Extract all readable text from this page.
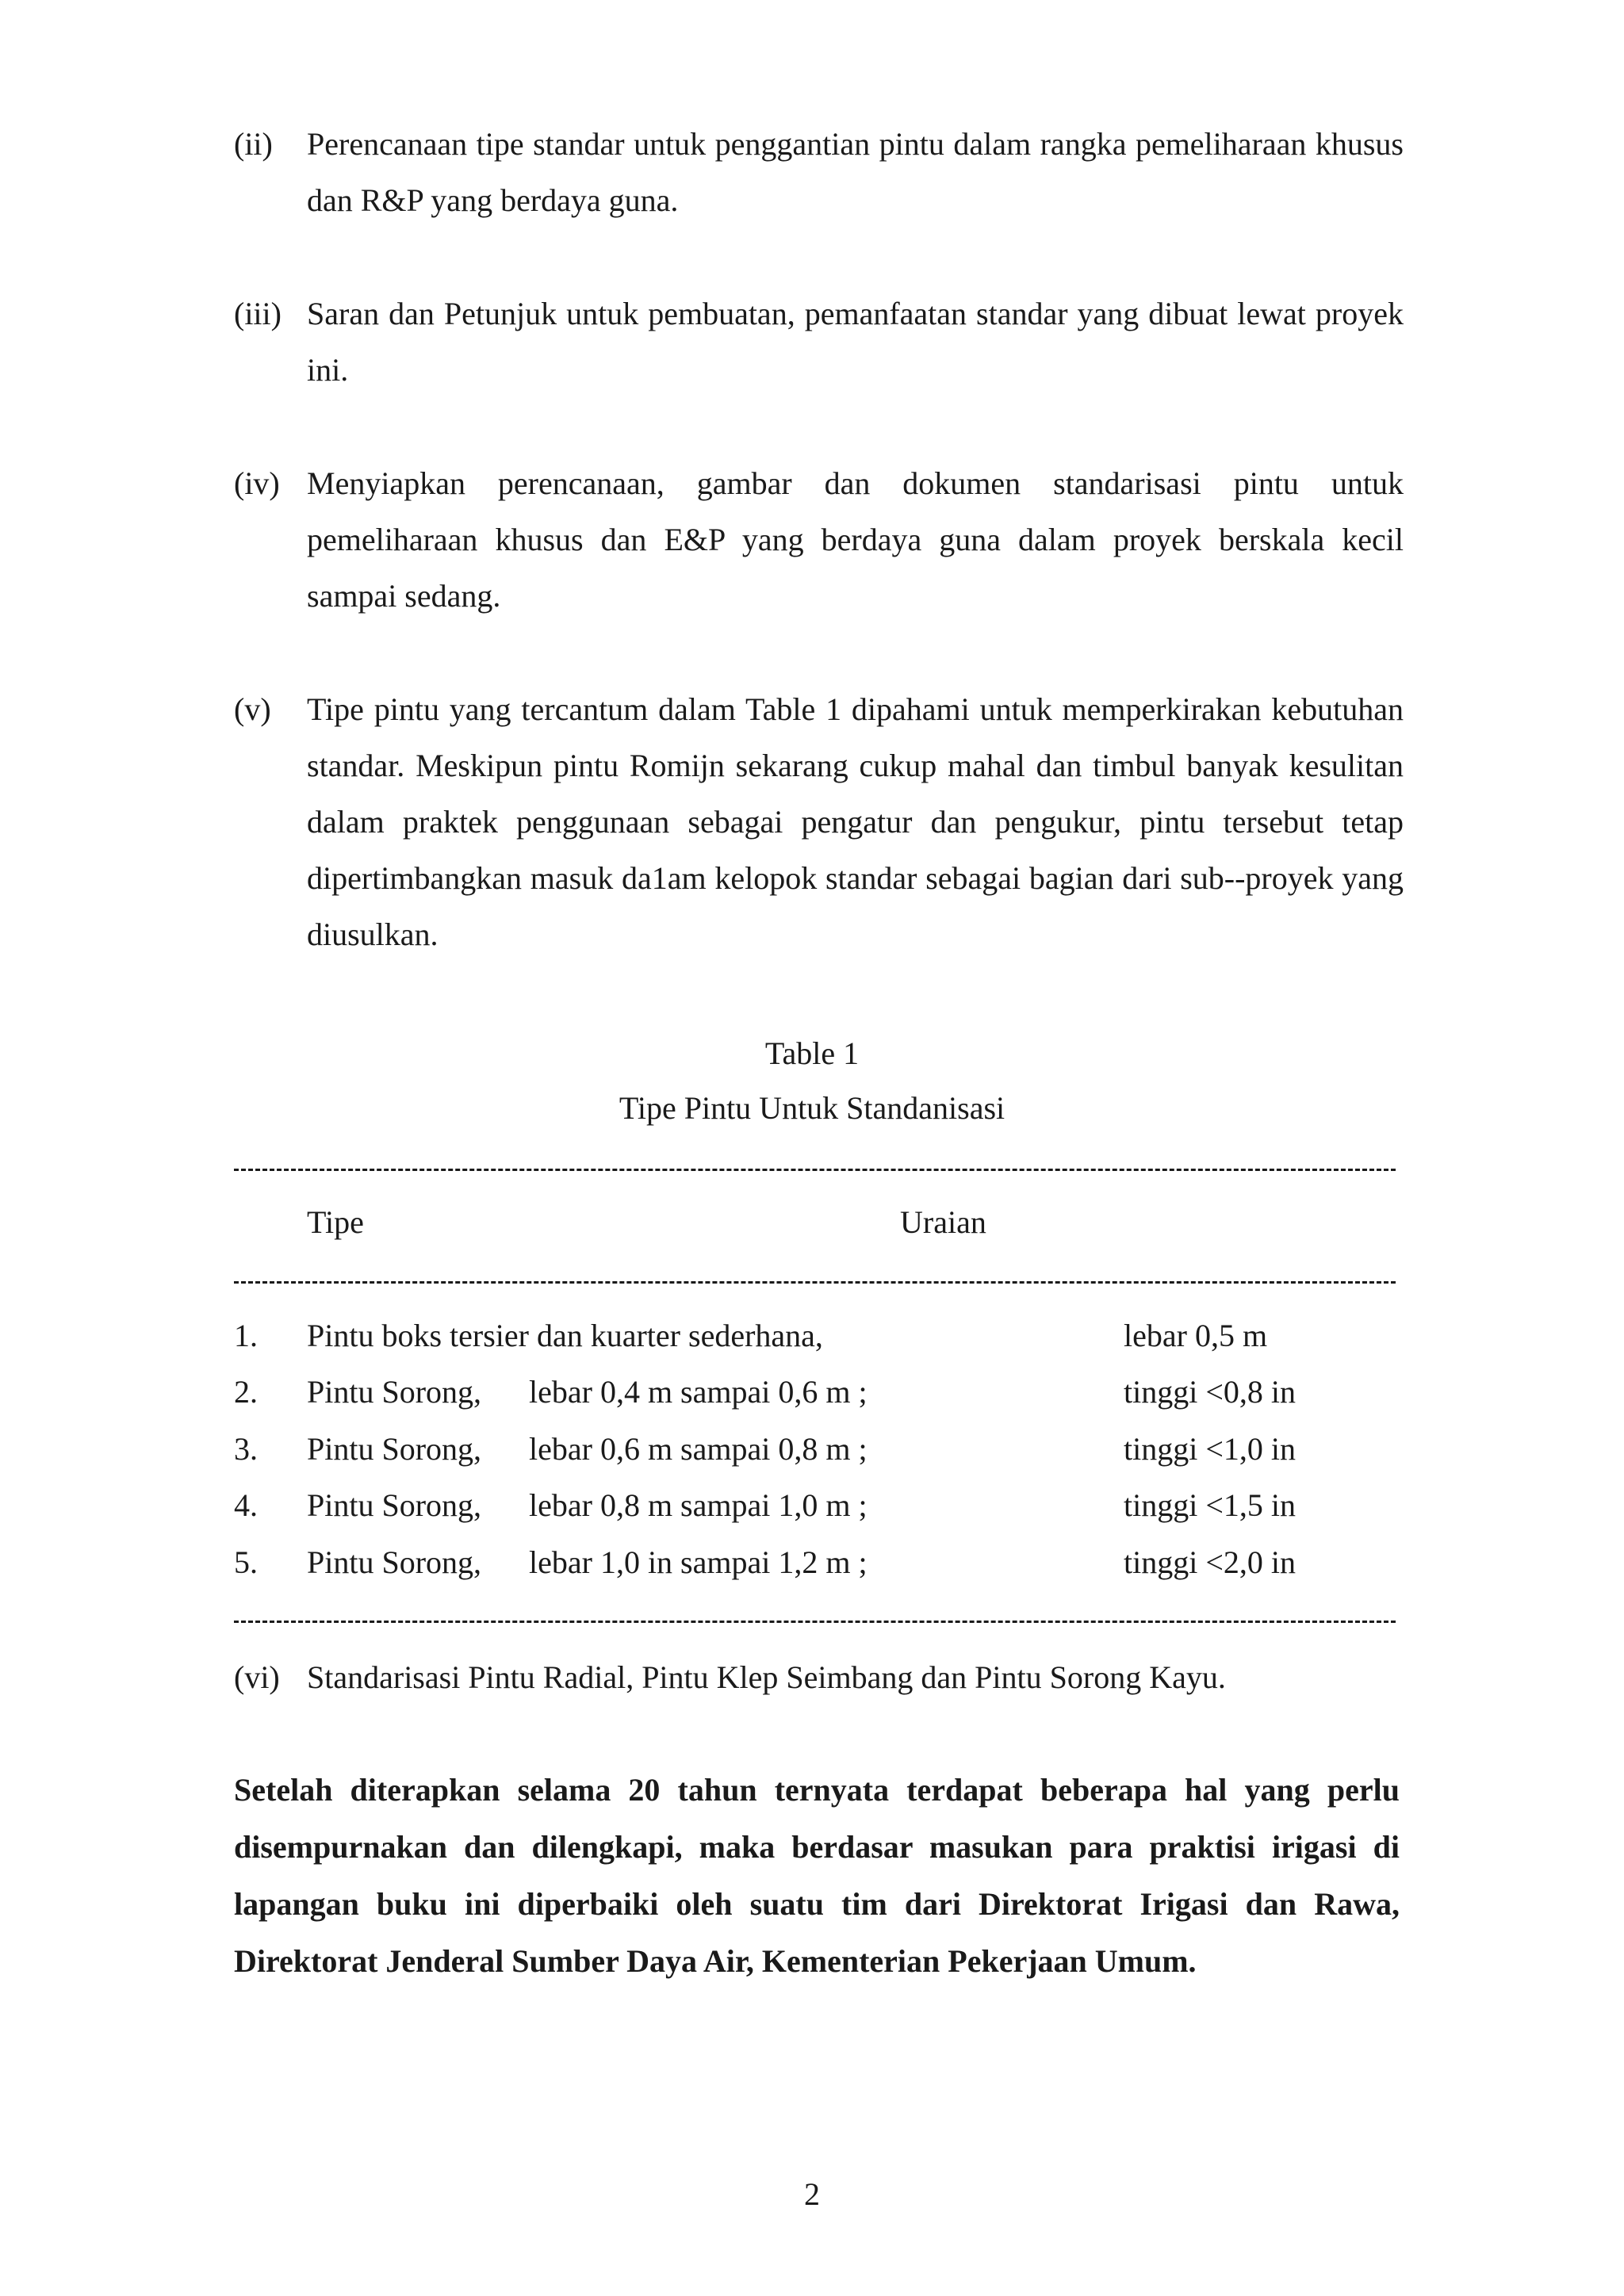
(ii) Perencanaan tipe standar untuk penggantian pintu dalam rangka pemeliharaan khusus dan R&P yang berdaya guna.
(iii) Saran dan Petunjuk untuk pembuatan, pemanfaatan standar yang dibuat lewat proyek ini.
(iv) Menyiapkan perencanaan, gambar dan dokumen standarisasi pintu untuk pemeliharaan khusus dan E&P yang berdaya guna dalam proyek berskala kecil sampai sedang.
(v) Tipe pintu yang tercantum dalam Table 1 dipahami untuk memperkirakan kebutuhan standar. Meskipun pintu Romijn sekarang cukup mahal dan timbul banyak kesulitan dalam praktek penggunaan sebagai pengatur dan pengukur, pintu tersebut tetap dipertimbangkan masuk da1am kelopok standar sebagai bagian dari sub--proyek yang diusulkan.
Table 1
Tipe Pintu Untuk Standanisasi
Tipe	Uraian
1. Pintu boks tersier dan kuarter sederhana,	lebar 0,5 m
2. Pintu Sorong, lebar 0,4 m sampai 0,6 m ;	tinggi <0,8 in
3. Pintu Sorong, lebar 0,6 m sampai 0,8 m ;	tinggi <1,0 in
4. Pintu Sorong, lebar 0,8 m sampai 1,0 m ;	tinggi <1,5 in
5. Pintu Sorong, lebar 1,0 in sampai 1,2 m ;	tinggi <2,0 in
(vi) Standarisasi Pintu Radial, Pintu Klep Seimbang dan Pintu Sorong Kayu.
Setelah diterapkan selama 20 tahun ternyata terdapat beberapa hal yang perlu
disempurnakan dan dilengkapi, maka berdasar masukan para praktisi irigasi di
lapangan buku ini diperbaiki oleh suatu tim dari Direktorat Irigasi dan Rawa,
Direktorat Jenderal Sumber Daya Air, Kementerian Pekerjaan Umum.
2
